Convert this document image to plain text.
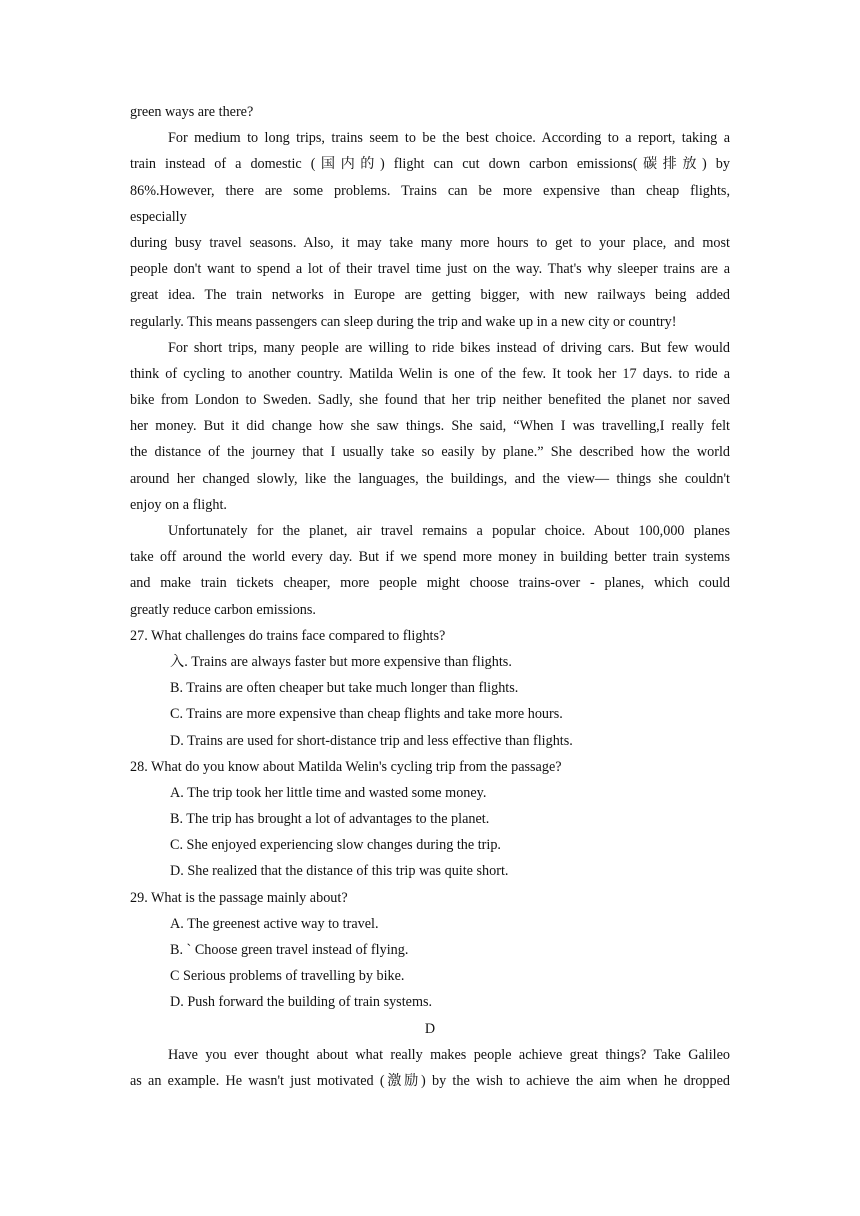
green ways are there?
For medium to long trips, trains seem to be the best choice. According to a report, taking a
train instead of a domestic (国内的) flight can cut down carbon emissions(碳排放) by
86%.However, there are some problems. Trains can be more expensive than cheap flights,
especially
during busy travel seasons. Also, it may take many more hours to get to your place, and most
people don't want to spend a lot of their travel time just on the way. That's why sleeper trains are a
great idea. The train networks in Europe are getting bigger, with new railways being added
regularly. This means passengers can sleep during the trip and wake up in a new city or country!
For short trips, many people are willing to ride bikes instead of driving cars. But few would
think of cycling to another country. Matilda Welin is one of the few. It took her 17 days. to ride a
bike from London to Sweden. Sadly, she found that her trip neither benefited the planet nor saved
her money. But it did change how she saw things. She said, “When I was travelling,I really felt
the distance of the journey that I usually take so easily by plane.” She described how the world
around her changed slowly, like the languages, the buildings, and the view— things she couldn't
enjoy on a flight.
Unfortunately for the planet, air travel remains a popular choice. About 100,000 planes
take off around the world every day. But if we spend more money in building better train systems
and make train tickets cheaper, more people might choose trains-over - planes, which could
greatly reduce carbon emissions.
27. What challenges do trains face compared to flights?
入. Trains are always faster but more expensive than flights.
B. Trains are often cheaper but take much longer than flights.
C. Trains are more expensive than cheap flights and take more hours.
D. Trains are used for short-distance trip and less effective than flights.
28. What do you know about Matilda Welin's cycling trip from the passage?
A. The trip took her little time and wasted some money.
B. The trip has brought a lot of advantages to the planet.
C. She enjoyed experiencing slow changes during the trip.
D. She realized that the distance of this trip was quite short.
29. What is the passage mainly about?
A. The greenest active way to travel.
B. ` Choose green travel instead of flying.
C Serious problems of travelling by bike.
D. Push forward the building of train systems.
D
Have you ever thought about what really makes people achieve great things? Take Galileo
as an example. He wasn't just motivated (激励) by the wish to achieve the aim when he dropped
